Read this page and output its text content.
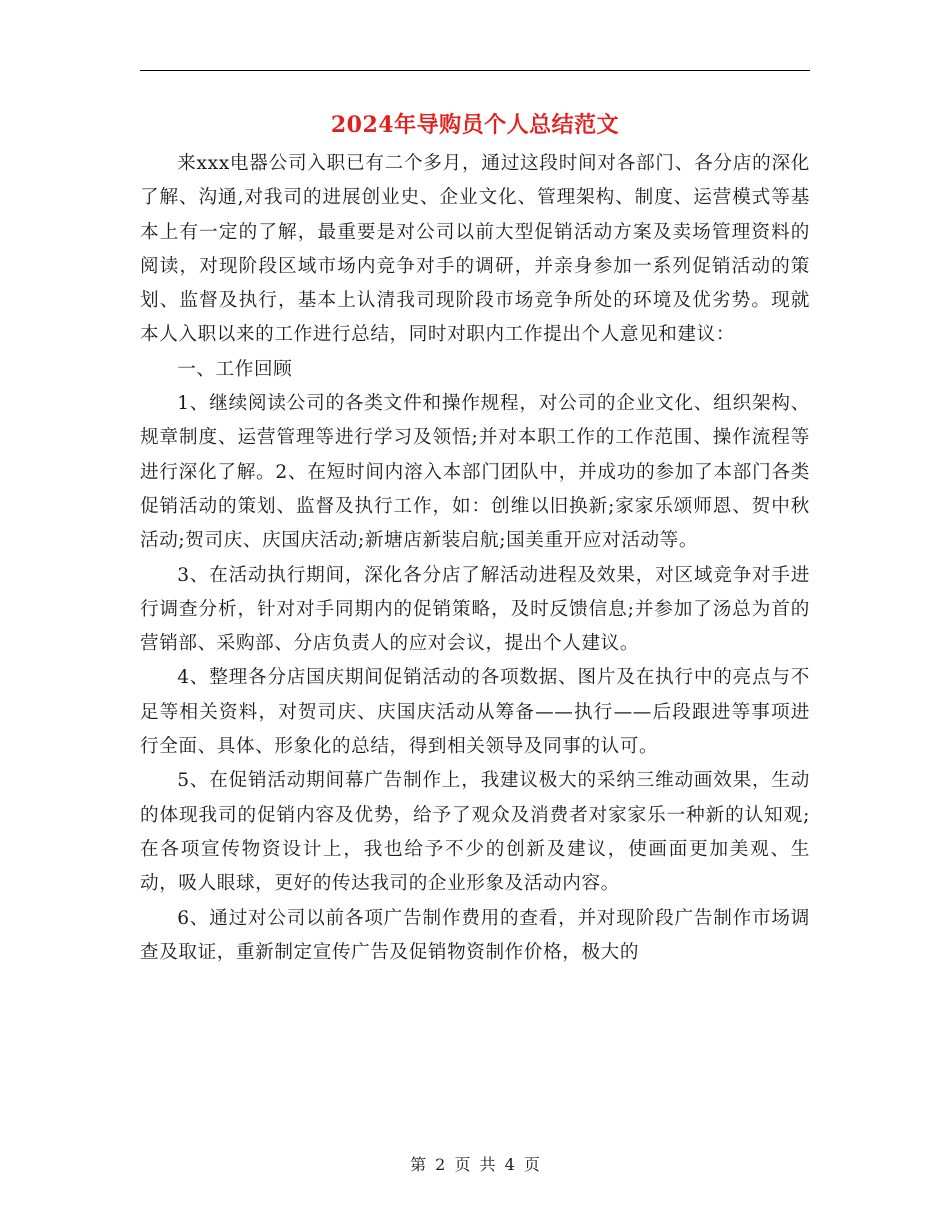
2024年导购员个人总结范文

来xxx电器公司入职已有二个多月，通过这段时间对各部门、各分店的深化了解、沟通,对我司的进展创业史、企业文化、管理架构、制度、运营模式等基本上有一定的了解，最重要是对公司以前大型促销活动方案及卖场管理资料的阅读，对现阶段区域市场内竞争对手的调研，并亲身参加一系列促销活动的策划、监督及执行，基本上认清我司现阶段市场竞争所处的环境及优劣势。现就本人入职以来的工作进行总结，同时对职内工作提出个人意见和建议：

一、工作回顾

1、继续阅读公司的各类文件和操作规程，对公司的企业文化、组织架构、规章制度、运营管理等进行学习及领悟;并对本职工作的工作范围、操作流程等进行深化了解。2、在短时间内溶入本部门团队中，并成功的参加了本部门各类促销活动的策划、监督及执行工作，如：创维以旧换新;家家乐颂师恩、贺中秋活动;贺司庆、庆国庆活动;新塘店新装启航;国美重开应对活动等。

3、在活动执行期间，深化各分店了解活动进程及效果，对区域竞争对手进行调查分析，针对对手同期内的促销策略，及时反馈信息;并参加了汤总为首的营销部、采购部、分店负责人的应对会议，提出个人建议。

4、整理各分店国庆期间促销活动的各项数据、图片及在执行中的亮点与不足等相关资料，对贺司庆、庆国庆活动从筹备——执行——后段跟进等事项进行全面、具体、形象化的总结，得到相关领导及同事的认可。

5、在促销活动期间幕广告制作上，我建议极大的采纳三维动画效果，生动的体现我司的促销内容及优势，给予了观众及消费者对家家乐一种新的认知观;在各项宣传物资设计上，我也给予不少的创新及建议，使画面更加美观、生动，吸人眼球，更好的传达我司的企业形象及活动内容。

6、通过对公司以前各项广告制作费用的查看，并对现阶段广告制作市场调查及取证，重新制定宣传广告及促销物资制作价格，极大的

第 2 页 共 4 页
